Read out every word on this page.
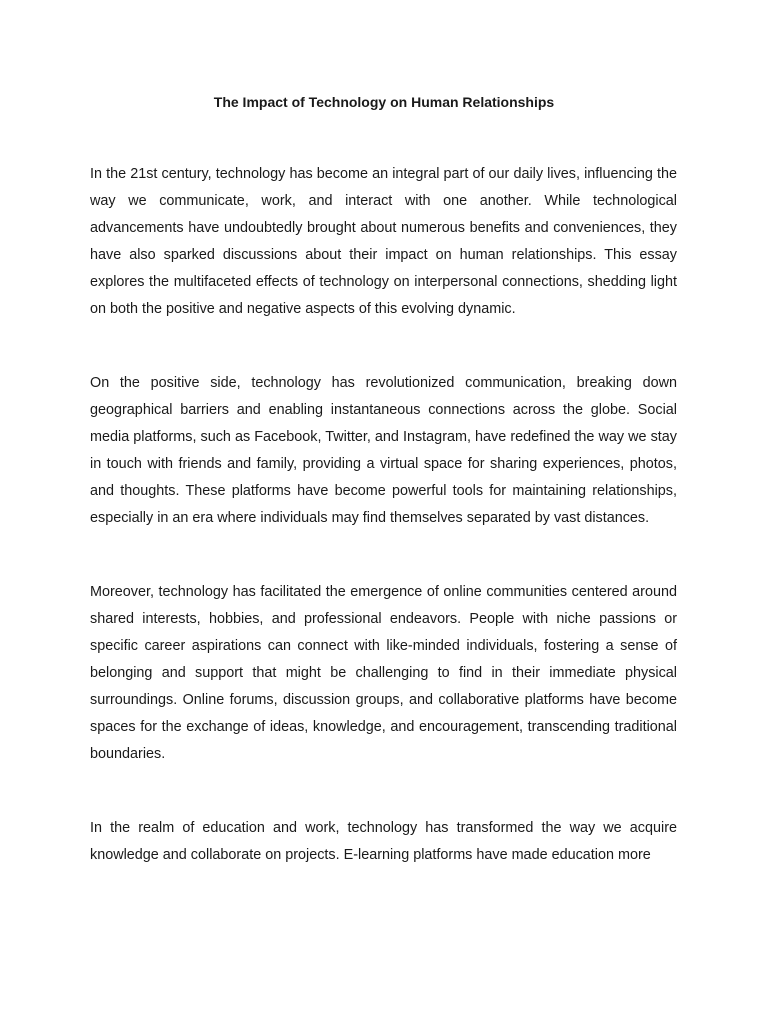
The Impact of Technology on Human Relationships

In the 21st century, technology has become an integral part of our daily lives, influencing the way we communicate, work, and interact with one another. While technological advancements have undoubtedly brought about numerous benefits and conveniences, they have also sparked discussions about their impact on human relationships. This essay explores the multifaceted effects of technology on interpersonal connections, shedding light on both the positive and negative aspects of this evolving dynamic.

On the positive side, technology has revolutionized communication, breaking down geographical barriers and enabling instantaneous connections across the globe. Social media platforms, such as Facebook, Twitter, and Instagram, have redefined the way we stay in touch with friends and family, providing a virtual space for sharing experiences, photos, and thoughts. These platforms have become powerful tools for maintaining relationships, especially in an era where individuals may find themselves separated by vast distances.

Moreover, technology has facilitated the emergence of online communities centered around shared interests, hobbies, and professional endeavors. People with niche passions or specific career aspirations can connect with like-minded individuals, fostering a sense of belonging and support that might be challenging to find in their immediate physical surroundings. Online forums, discussion groups, and collaborative platforms have become spaces for the exchange of ideas, knowledge, and encouragement, transcending traditional boundaries.

In the realm of education and work, technology has transformed the way we acquire knowledge and collaborate on projects. E-learning platforms have made education more
